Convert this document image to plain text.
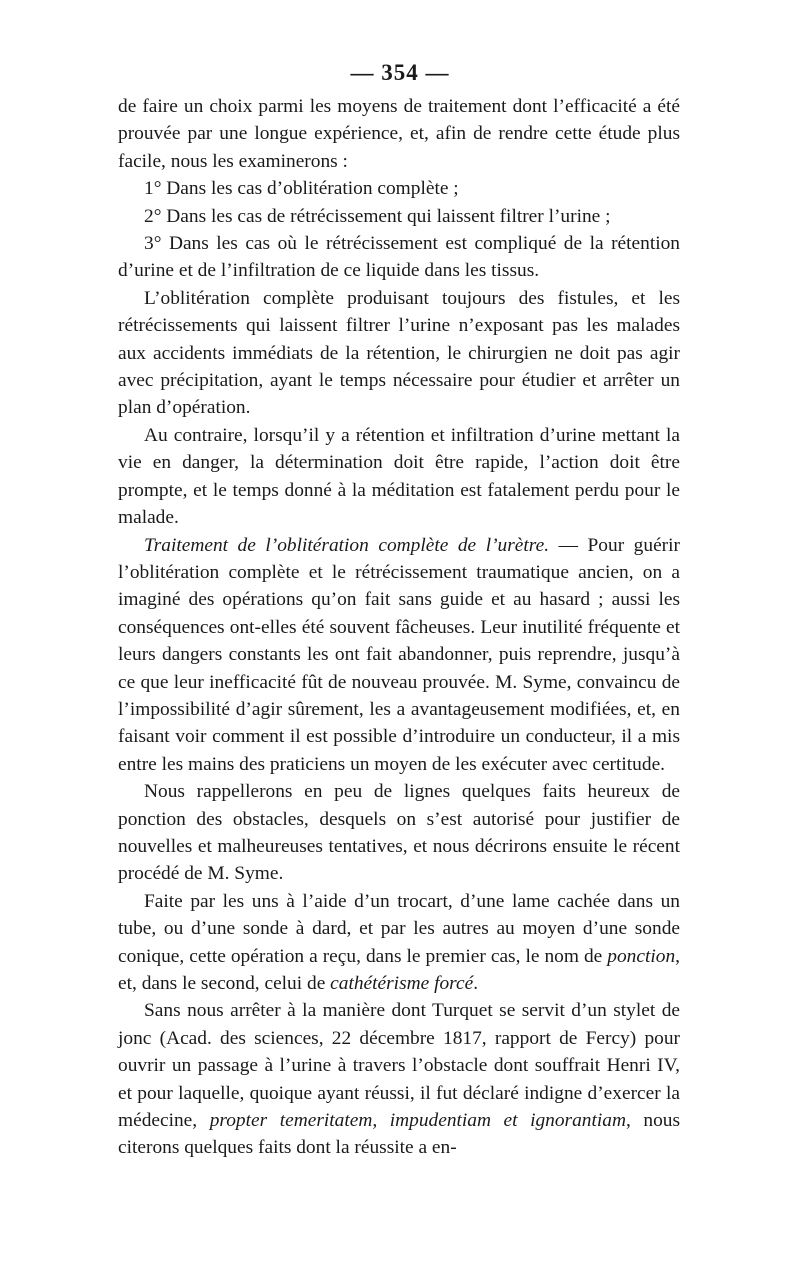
— 354 —

de faire un choix parmi les moyens de traitement dont l’efficacité a été prouvée par une longue expérience, et, afin de rendre cette étude plus facile, nous les examinerons :

1° Dans les cas d’oblitération complète ;

2° Dans les cas de rétrécissement qui laissent filtrer l’urine ;

3° Dans les cas où le rétrécissement est compliqué de la rétention d’urine et de l’infiltration de ce liquide dans les tissus.

L’oblitération complète produisant toujours des fistules, et les rétrécissements qui laissent filtrer l’urine n’exposant pas les malades aux accidents immédiats de la rétention, le chirurgien ne doit pas agir avec précipitation, ayant le temps nécessaire pour étudier et arrêter un plan d’opération.

Au contraire, lorsqu’il y a rétention et infiltration d’urine mettant la vie en danger, la détermination doit être rapide, l’action doit être prompte, et le temps donné à la méditation est fatalement perdu pour le malade.

Traitement de l’oblitération complète de l’urètre. — Pour guérir l’oblitération complète et le rétrécissement traumatique ancien, on a imaginé des opérations qu’on fait sans guide et au hasard ; aussi les conséquences ont-elles été souvent fâcheuses. Leur inutilité fréquente et leurs dangers constants les ont fait abandonner, puis reprendre, jusqu’à ce que leur inefficacité fût de nouveau prouvée. M. Syme, convaincu de l’impossibilité d’agir sûrement, les a avantageusement modifiées, et, en faisant voir comment il est possible d’introduire un conducteur, il a mis entre les mains des praticiens un moyen de les exécuter avec certitude.

Nous rappellerons en peu de lignes quelques faits heureux de ponction des obstacles, desquels on s’est autorisé pour justifier de nouvelles et malheureuses tentatives, et nous décrirons ensuite le récent procédé de M. Syme.

Faite par les uns à l’aide d’un trocart, d’une lame cachée dans un tube, ou d’une sonde à dard, et par les autres au moyen d’une sonde conique, cette opération a reçu, dans le premier cas, le nom de ponction, et, dans le second, celui de cathétérisme forcé.

Sans nous arrêter à la manière dont Turquet se servit d’un stylet de jonc (Acad. des sciences, 22 décembre 1817, rapport de Fercy) pour ouvrir un passage à l’urine à travers l’obstacle dont souffrait Henri IV, et pour laquelle, quoique ayant réussi, il fut déclaré indigne d’exercer la médecine, propter temeritatem, impudentiam et ignorantiam, nous citerons quelques faits dont la réussite a en-
